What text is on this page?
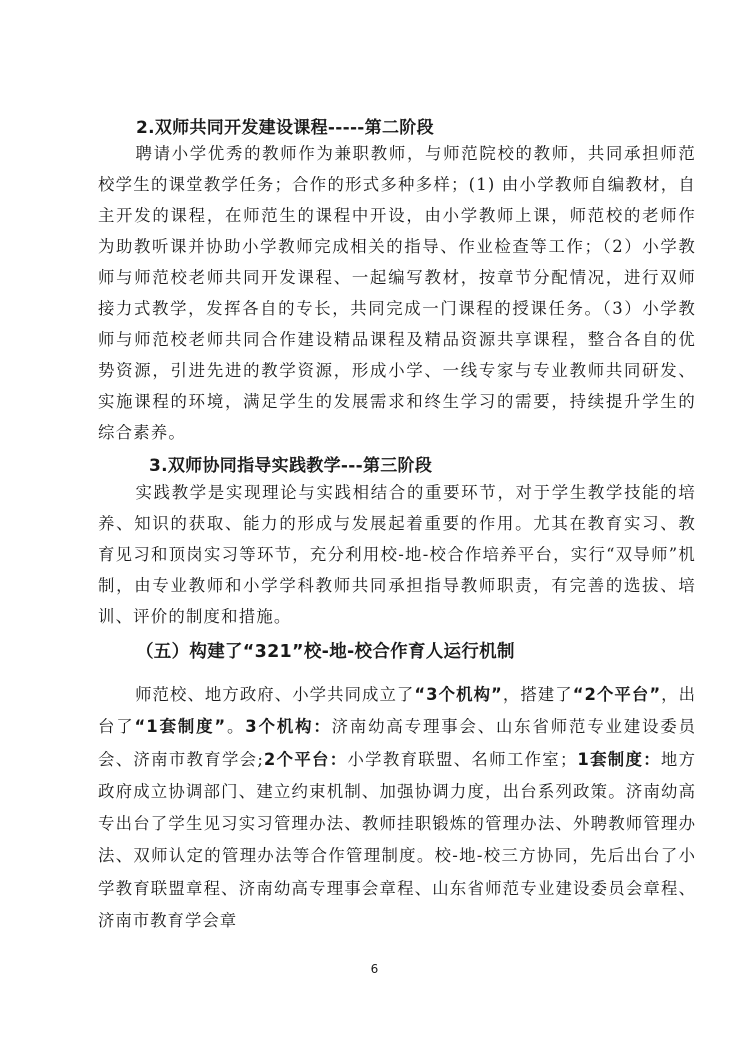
2.双师共同开发建设课程-----第二阶段
聘请小学优秀的教师作为兼职教师，与师范院校的教师，共同承担师范校学生的课堂教学任务；合作的形式多种多样；(1) 由小学教师自编教材，自主开发的课程，在师范生的课程中开设，由小学教师上课，师范校的老师作为助教听课并协助小学教师完成相关的指导、作业检查等工作；（2）小学教师与师范校老师共同开发课程、一起编写教材，按章节分配情况，进行双师接力式教学，发挥各自的专长，共同完成一门课程的授课任务。（3）小学教师与师范校老师共同合作建设精品课程及精品资源共享课程，整合各自的优势资源，引进先进的教学资源，形成小学、一线专家与专业教师共同研发、实施课程的环境，满足学生的发展需求和终生学习的需要，持续提升学生的综合素养。
3.双师协同指导实践教学---第三阶段
实践教学是实现理论与实践相结合的重要环节，对于学生教学技能的培养、知识的获取、能力的形成与发展起着重要的作用。尤其在教育实习、教育见习和顶岗实习等环节，充分利用校-地-校合作培养平台，实行“双导师”机制，由专业教师和小学学科教师共同承担指导教师职责，有完善的选拔、培训、评价的制度和措施。
（五）构建了“321”校-地-校合作育人运行机制
师范校、地方政府、小学共同成立了“3个机构”，搭建了“2个平台”，出台了“1套制度”。3个机构：济南幼高专理事会、山东省师范专业建设委员会、济南市教育学会;2个平台：小学教育联盟、名师工作室；1套制度：地方政府成立协调部门、建立约束机制、加强协调力度，出台系列政策。济南幼高专出台了学生见习实习管理办法、教师挂职锻炼的管理办法、外聘教师管理办法、双师认定的管理办法等合作管理制度。校-地-校三方协同，先后出台了小学教育联盟章程、济南幼高专理事会章程、山东省师范专业建设委员会章程、济南市教育学会章
6
